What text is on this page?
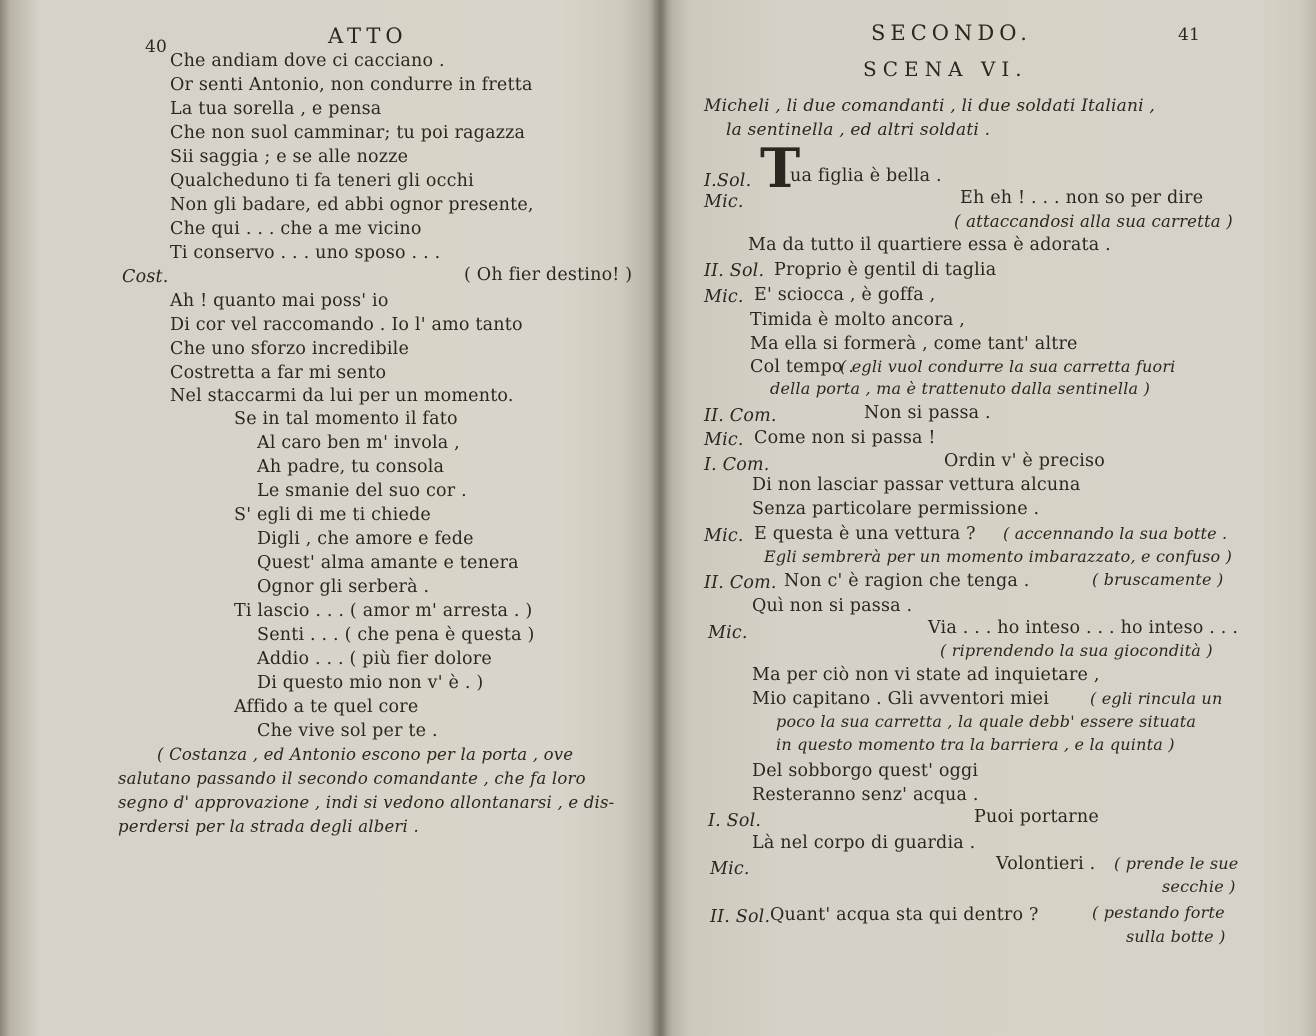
40	ATTO
Che andiam dove ci cacciano .
Or senti Antonio, non condurre in fretta
La tua sorella , e pensa
Che non suol camminar; tu poi ragazza
Sii saggia ; e se alle nozze
Qualcheduno ti fa teneri gli occhi
Non gli badare, ed abbi ognor presente,
Che qui . . . che a me vicino
Ti conservo . . . uno sposo . . .
Cost.	( Oh fier destino! )
Ah ! quanto mai poss' io
Di cor vel raccomando . Io l' amo tanto
Che uno sforzo incredibile
Costretta a far mi sento
Nel staccarmi da lui per un momento.
Se in tal momento il fato
Al caro ben m' invola ,
Ah padre, tu consola
Le smanie del suo cor .
S' egli di me ti chiede
Digli , che amore e fede
Quest' alma amante e tenera
Ognor gli serberà .
Ti lascio . . . ( amor m' arresta . )
Senti . . . ( che pena è questa )
Addio . . . ( più fier dolore
Di questo mio non v' è . )
Affido a te quel core
Che vive sol per te .
( Costanza , ed Antonio escono per la porta , ove
salutano passando il secondo comandante , che fa loro
segno d' approvazione , indi si vedono allontanarsi , e dis-
perdersi per la strada degli alberi .
SECONDO.	41
SCENA VI.
Micheli , li due comandanti , li due soldati Italiani ,
la sentinella , ed altri soldati .
I.Sol. T
ua figlia è bella .
Mic.	Eh eh ! . . . non so per dire
( attaccandosi alla sua carretta )
Ma da tutto il quartiere essa è adorata .
II. Sol. Proprio è gentil di taglia
Mic. E' sciocca , è goffa ,
Timida è molto ancora ,
Ma ella si formerà , come tant' altre
Col tempo .
( egli vuol condurre la sua carretta fuori
della porta , ma è trattenuto dalla sentinella )
II. Com.	Non si passa .
Mic. Come non si passa !
I. Com.	Ordin v' è preciso
Di non lasciar passar vettura alcuna
Senza particolare permissione .
Mic. E questa è una vettura ? ( accennando la sua botte .
Egli sembrerà per un momento imbarazzato, e confuso )
II. Com. Non c' è ragion che tenga .	( bruscamente )
Quì non si passa .
Mic.	Via . . . ho inteso . . . ho inteso . . .
( riprendendo la sua giocondità )
Ma per ciò non vi state ad inquietare ,
Mio capitano . Gli avventori miei	( egli rincula un
poco la sua carretta , la quale debb' essere situata
in questo momento tra la barriera , e la quinta )
Del sobborgo quest' oggi
Resteranno senz' acqua .
I. Sol.	Puoi portarne
Là nel corpo di guardia .
Mic.	Volontieri . ( prende le sue
secchie )
II. Sol. Quant' acqua sta qui dentro ?	( pestando forte
sulla botte )
